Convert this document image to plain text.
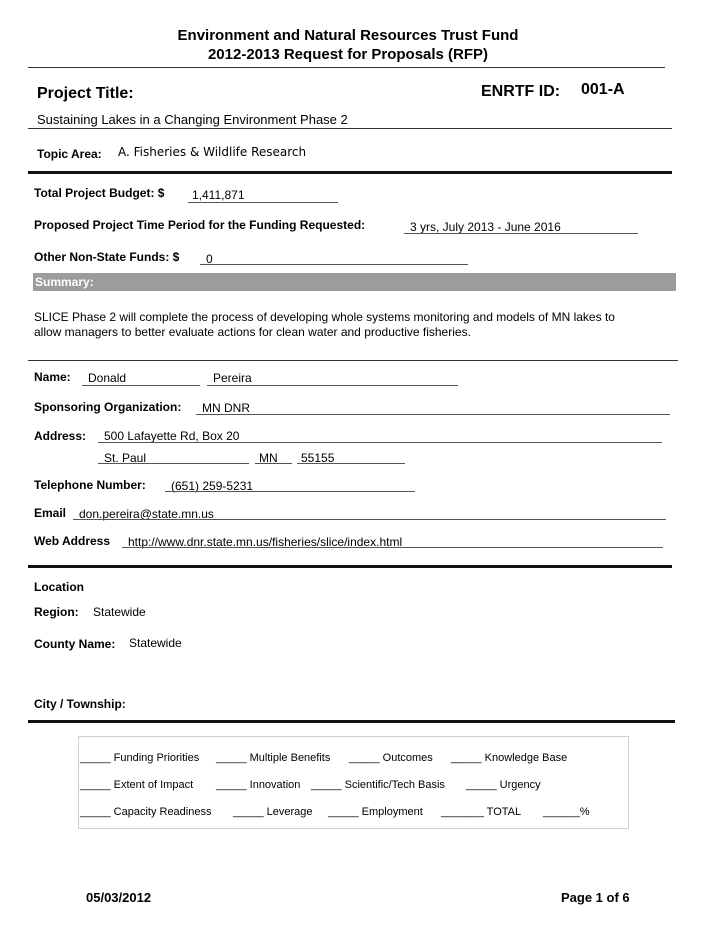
Environment and Natural Resources Trust Fund
2012-2013 Request for Proposals (RFP)
Project Title:	ENRTF ID: 001-A
Sustaining Lakes in a Changing Environment Phase 2
Topic Area: A. Fisheries & Wildlife Research
Total Project Budget: $ 1,411,871
Proposed Project Time Period for the Funding Requested:	3 yrs, July 2013 - June 2016
Other Non-State Funds: $ 0
Summary:
SLICE Phase 2 will complete the process of developing whole systems monitoring and models of MN lakes to
allow managers to better evaluate actions for clean water and productive fisheries.
Name: Donald	Pereira
Sponsoring Organization: MN DNR
Address: 500 Lafayette Rd, Box 20
St. Paul	MN 55155
Telephone Number: (651) 259-5231
Email don.pereira@state.mn.us
Web Address http://www.dnr.state.mn.us/fisheries/slice/index.html
Location
Region: Statewide
County Name: Statewide
City / Township:
_____ Funding Priorities _____ Multiple Benefits _____ Outcomes _____ Knowledge Base
_____ Extent of Impact _____ Innovation _____ Scientific/Tech Basis _____ Urgency
_____ Capacity Readiness _____ Leverage _____ Employment _______ TOTAL ______%
05/03/2012	Page 1 of 6
